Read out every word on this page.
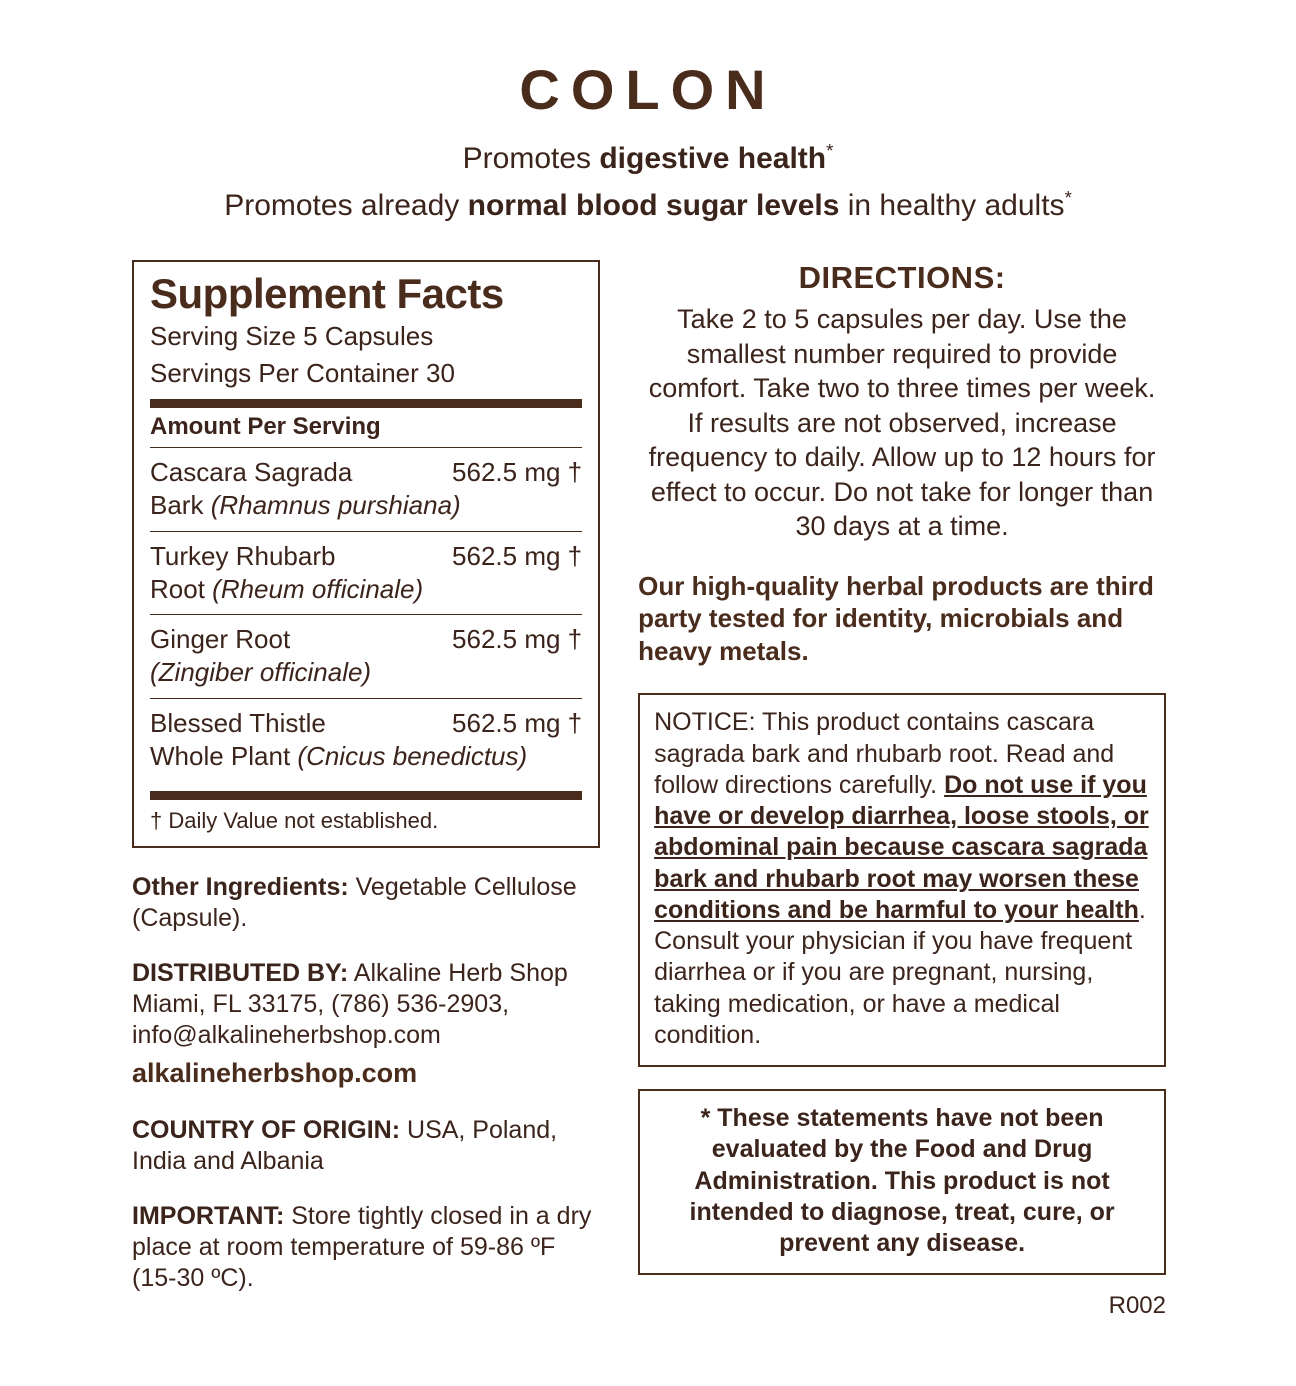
COLON
Promotes digestive health*
Promotes already normal blood sugar levels in healthy adults*
Supplement Facts
Serving Size 5 Capsules
Servings Per Container 30
Amount Per Serving
Cascara Sagrada	562.5 mg †
Bark (Rhamnus purshiana)
Turkey Rhubarb	562.5 mg †
Root (Rheum officinale)
Ginger Root	562.5 mg †
(Zingiber officinale)
Blessed Thistle	562.5 mg †
Whole Plant (Cnicus benedictus)
† Daily Value not established.
Other Ingredients: Vegetable Cellulose (Capsule).
DISTRIBUTED BY: Alkaline Herb Shop Miami, FL 33175, (786) 536-2903, info@alkalineherbshop.com
alkalineherbshop.com
COUNTRY OF ORIGIN: USA, Poland, India and Albania
IMPORTANT: Store tightly closed in a dry place at room temperature of 59-86 ºF (15-30 ºC).
DIRECTIONS:
Take 2 to 5 capsules per day. Use the smallest number required to provide comfort. Take two to three times per week. If results are not observed, increase frequency to daily. Allow up to 12 hours for effect to occur. Do not take for longer than 30 days at a time.
Our high-quality herbal products are third party tested for identity, microbials and heavy metals.
NOTICE: This product contains cascara sagrada bark and rhubarb root. Read and follow directions carefully. Do not use if you have or develop diarrhea, loose stools, or abdominal pain because cascara sagrada bark and rhubarb root may worsen these conditions and be harmful to your health. Consult your physician if you have frequent diarrhea or if you are pregnant, nursing, taking medication, or have a medical condition.
* These statements have not been evaluated by the Food and Drug Administration. This product is not intended to diagnose, treat, cure, or prevent any disease.
R002
